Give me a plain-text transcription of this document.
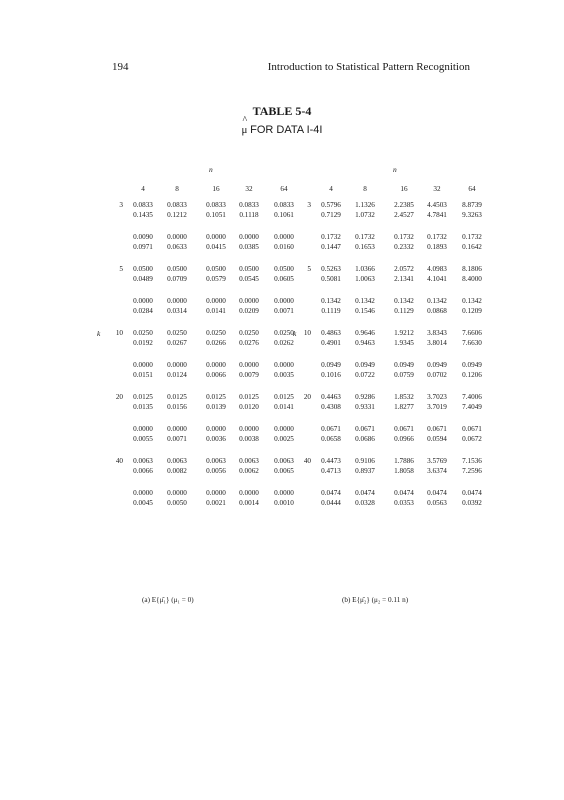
194	Introduction to Statistical Pattern Recognition
TABLE 5-4
^
μ FOR DATA I-4I
n
4	8	16	32	64
k
3	0.0833	0.0833	0.0833	0.0833	0.0833
0.1435	0.1212	0.1051	0.1118	0.1061
0.0090	0.0000	0.0000	0.0000	0.0000
0.0971	0.0633	0.0415	0.0385	0.0160
5	0.0500	0.0500	0.0500	0.0500	0.0500
0.0489	0.0709	0.0579	0.0545	0.0605
0.0000	0.0000	0.0000	0.0000	0.0000
0.0284	0.0314	0.0141	0.0209	0.0071
10	0.0250	0.0250	0.0250	0.0250	0.0250
0.0192	0.0267	0.0266	0.0276	0.0262
0.0000	0.0000	0.0000	0.0000	0.0000
0.0151	0.0124	0.0066	0.0079	0.0035
20	0.0125	0.0125	0.0125	0.0125	0.0125
0.0135	0.0156	0.0139	0.0120	0.0141
0.0000	0.0000	0.0000	0.0000	0.0000
0.0055	0.0071	0.0036	0.0038	0.0025
40	0.0063	0.0063	0.0063	0.0063	0.0063
0.0066	0.0082	0.0056	0.0062	0.0065
0.0000	0.0000	0.0000	0.0000	0.0000
0.0045	0.0050	0.0021	0.0014	0.0010
(a) E{μ̂₁} (μ₁ = 0)
n
4	8	16	32	64
k
3	0.5796	1.1326	2.2385	4.4503	8.8739
0.7129	1.0732	2.4527	4.7841	9.3263
0.1732	0.1732	0.1732	0.1732	0.1732
0.1447	0.1653	0.2332	0.1893	0.1642
5	0.5263	1.0366	2.0572	4.0983	8.1806
0.5081	1.0063	2.1341	4.1041	8.4000
0.1342	0.1342	0.1342	0.1342	0.1342
0.1119	0.1546	0.1129	0.0868	0.1209
10	0.4863	0.9646	1.9212	3.8343	7.6606
0.4901	0.9463	1.9345	3.8014	7.6630
0.0949	0.0949	0.0949	0.0949	0.0949
0.1016	0.0722	0.0759	0.0702	0.1206
20	0.4463	0.9286	1.8532	3.7023	7.4006
0.4308	0.9331	1.8277	3.7019	7.4049
0.0671	0.0671	0.0671	0.0671	0.0671
0.0658	0.0686	0.0966	0.0594	0.0672
40	0.4473	0.9106	1.7886	3.5769	7.1536
0.4713	0.8937	1.8058	3.6374	7.2596
0.0474	0.0474	0.0474	0.0474	0.0474
0.0444	0.0328	0.0353	0.0563	0.0392
(b) E{μ̂₂} (μ₂ = 0.11 n)
